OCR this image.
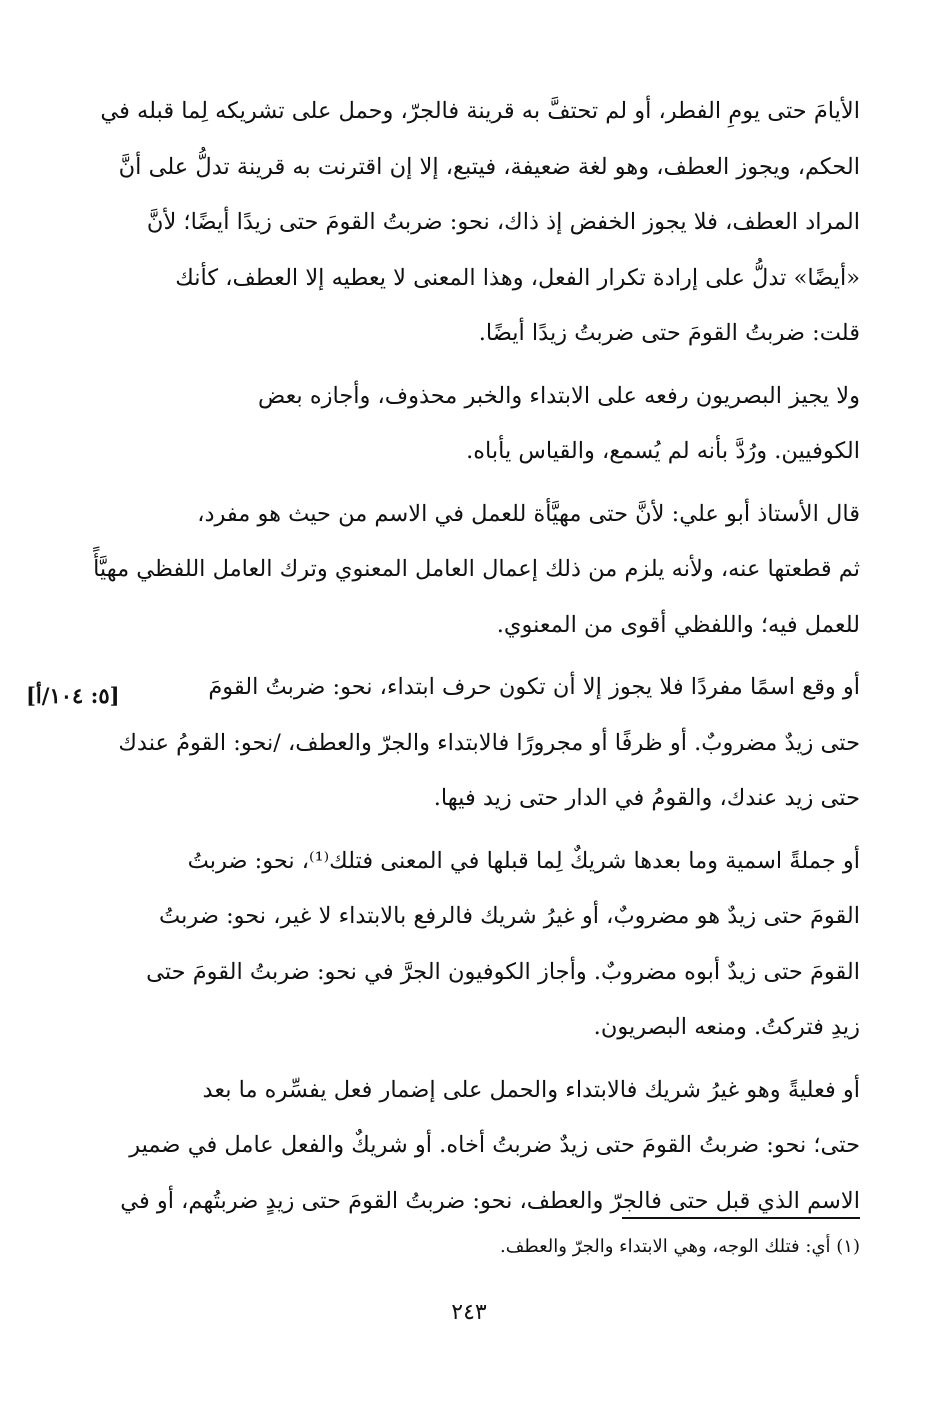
الأيامَ حتى يومِ الفطر، أو لم تحتفَّ به قرينة فالجرّ، وحمل على تشريكه لِما قبله في
الحكم، ويجوز العطف، وهو لغة ضعيفة، فيتبع، إلا إن اقترنت به قرينة تدلُّ على أنَّ
المراد العطف، فلا يجوز الخفض إذ ذاك، نحو: ضربتُ القومَ حتى زيدًا أيضًا؛ لأنَّ
«أيضًا» تدلُّ على إرادة تكرار الفعل، وهذا المعنى لا يعطيه إلا العطف، كأنك
قلت: ضربتُ القومَ حتى ضربتُ زيدًا أيضًا.
ولا يجيز البصريون رفعه على الابتداء والخبر محذوف، وأجازه بعض
الكوفيين. ورُدَّ بأنه لم يُسمع، والقياس يأباه.
قال الأستاذ أبو علي: لأنَّ حتى مهيَّأة للعمل في الاسم من حيث هو مفرد،
ثم قطعتها عنه، ولأنه يلزم من ذلك إعمال العامل المعنوي وترك العامل اللفظي مهيَّأً
للعمل فيه؛ واللفظي أقوى من المعنوي.
أو وقع اسمًا مفردًا فلا يجوز إلا أن تكون حرف ابتداء، نحو: ضربتُ القومَ
حتى زيدٌ مضروبٌ. أو ظرفًا أو مجرورًا فالابتداء والجرّ والعطف، /نحو: القومُ عندك
حتى زيد عندك، والقومُ في الدار حتى زيد فيها.
أو جملةً اسمية وما بعدها شريكٌ لِما قبلها في المعنى فتلك⁽¹⁾، نحو: ضربتُ
القومَ حتى زيدٌ هو مضروبٌ، أو غيرُ شريك فالرفع بالابتداء لا غير، نحو: ضربتُ
القومَ حتى زيدٌ أبوه مضروبٌ. وأجاز الكوفيون الجرَّ في نحو: ضربتُ القومَ حتى
زيدِ فتركتُ. ومنعه البصريون.
أو فعليةً وهو غيرُ شريك فالابتداء والحمل على إضمار فعل يفسِّره ما بعد
حتى؛ نحو: ضربتُ القومَ حتى زيدٌ ضربتُ أخاه. أو شريكٌ والفعل عامل في ضمير
الاسم الذي قبل حتى فالجرّ والعطف، نحو: ضربتُ القومَ حتى زيدٍ ضربتُهم، أو في
[٥: ١٠٤/أ]
(١) أي: فتلك الوجه، وهي الابتداء والجرّ والعطف.
٢٤٣
